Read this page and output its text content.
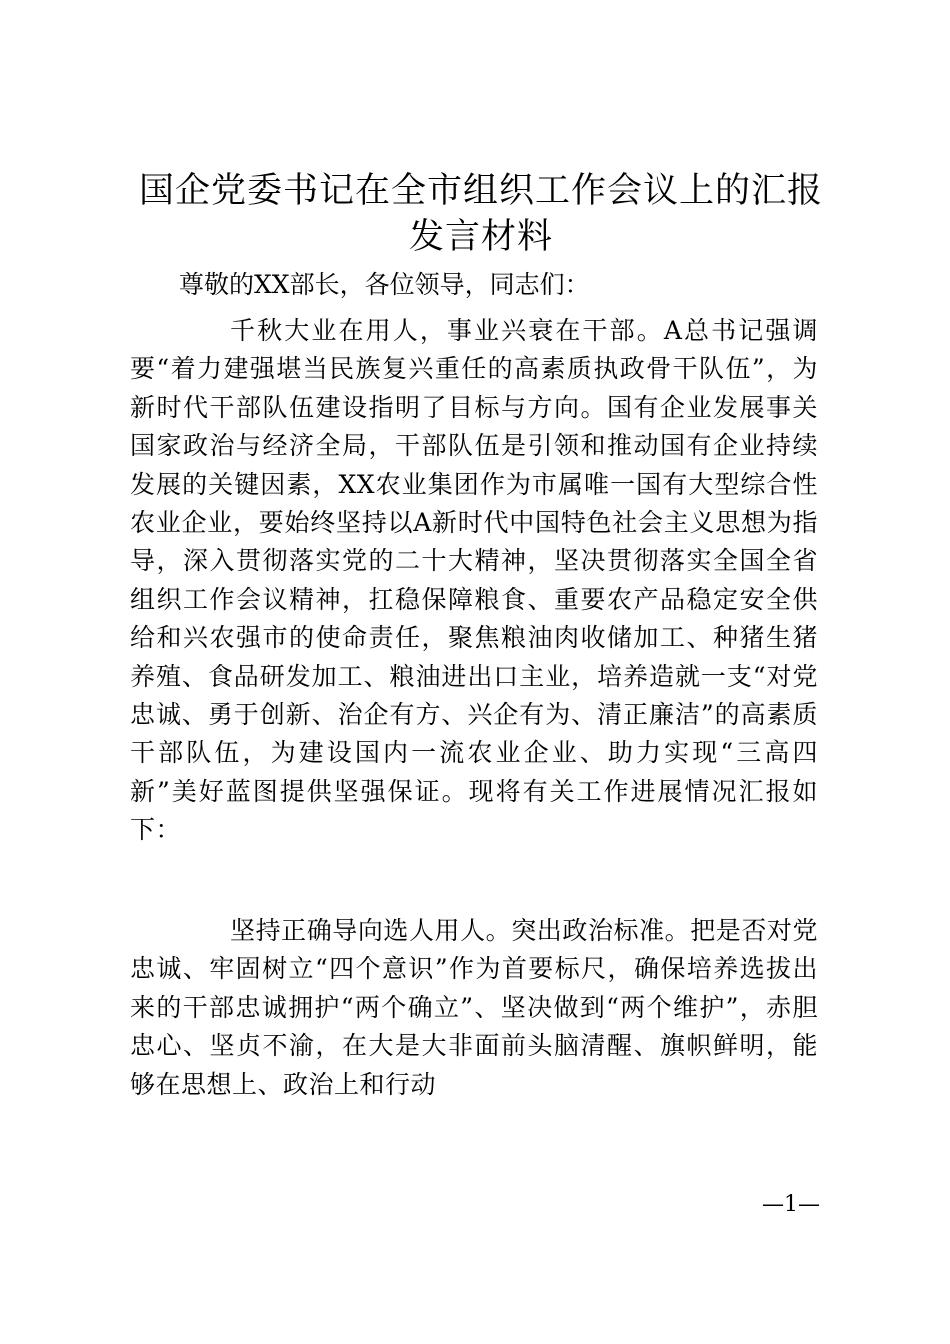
国企党委书记在全市组织工作会议上的汇报发言材料

尊敬的XX部长，各位领导，同志们：

千秋大业在用人，事业兴衰在干部。A总书记强调要“着力建强堪当民族复兴重任的高素质执政骨干队伍”，为新时代干部队伍建设指明了目标与方向。国有企业发展事关国家政治与经济全局，干部队伍是引领和推动国有企业持续发展的关键因素，XX农业集团作为市属唯一国有大型综合性农业企业，要始终坚持以A新时代中国特色社会主义思想为指导，深入贯彻落实党的二十大精神，坚决贯彻落实全国全省组织工作会议精神，扛稳保障粮食、重要农产品稳定安全供给和兴农强市的使命责任，聚焦粮油肉收储加工、种猪生猪养殖、食品研发加工、粮油进出口主业，培养造就一支“对党忠诚、勇于创新、治企有方、兴企有为、清正廉洁”的高素质干部队伍，为建设国内一流农业企业、助力实现“三高四新”美好蓝图提供坚强保证。现将有关工作进展情况汇报如下：

坚持正确导向选人用人。突出政治标准。把是否对党忠诚、牢固树立“四个意识”作为首要标尺，确保培养选拔出来的干部忠诚拥护“两个确立”、坚决做到“两个维护”，赤胆忠心、坚贞不渝，在大是大非面前头脑清醒、旗帜鲜明，能够在思想上、政治上和行动

—1—
